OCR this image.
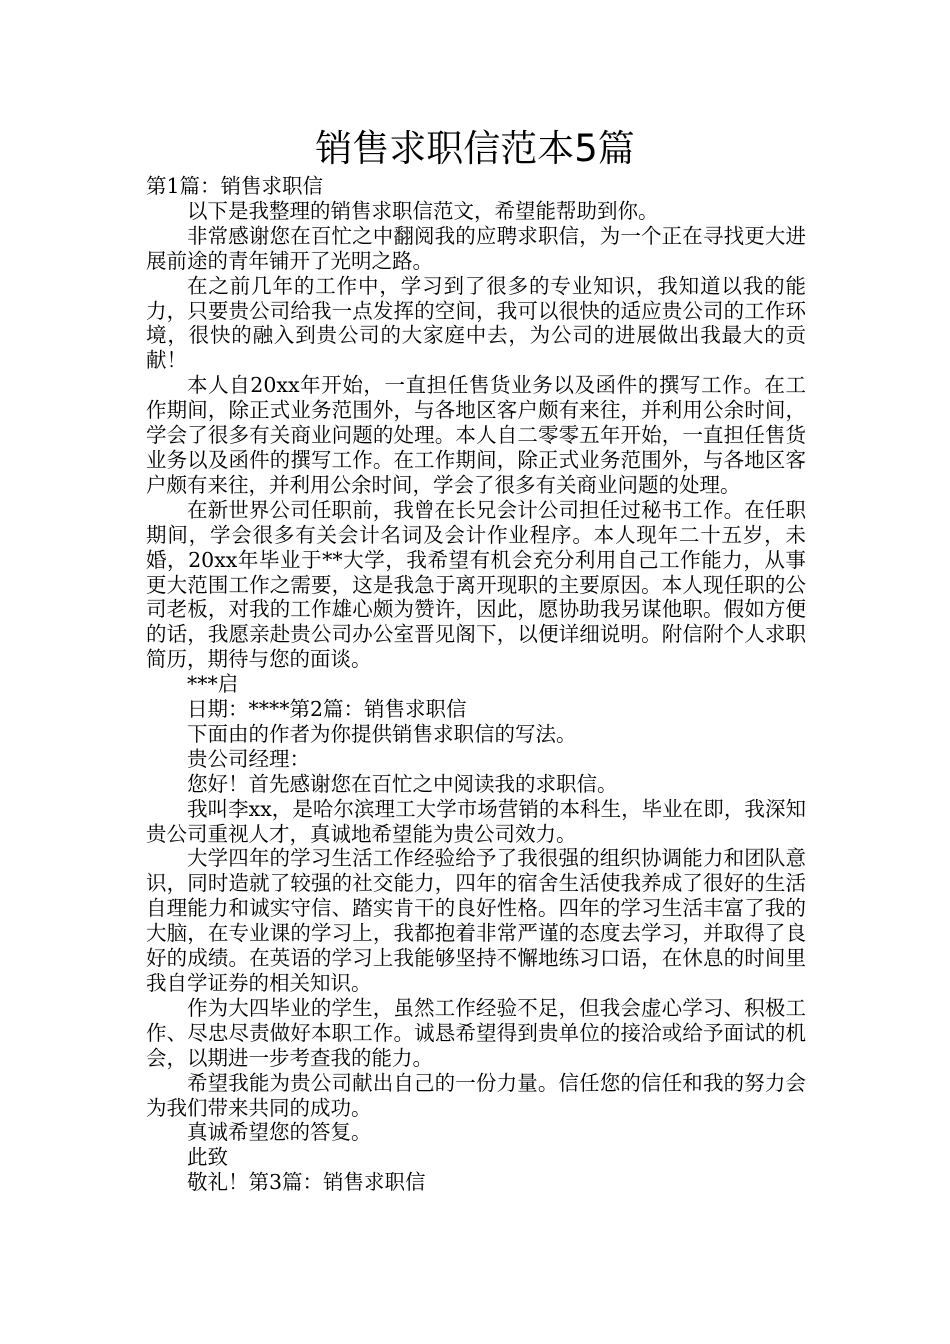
销售求职信范本5篇

第1篇：销售求职信

以下是我整理的销售求职信范文，希望能帮助到你。

非常感谢您在百忙之中翻阅我的应聘求职信，为一个正在寻找更大进展前途的青年铺开了光明之路。

在之前几年的工作中，学习到了很多的专业知识，我知道以我的能力，只要贵公司给我一点发挥的空间，我可以很快的适应贵公司的工作环境，很快的融入到贵公司的大家庭中去，为公司的进展做出我最大的贡献！

本人自20xx年开始，一直担任售货业务以及函件的撰写工作。在工作期间，除正式业务范围外，与各地区客户颇有来往，并利用公余时间，学会了很多有关商业问题的处理。本人自二零零五年开始，一直担任售货业务以及函件的撰写工作。在工作期间，除正式业务范围外，与各地区客户颇有来往，并利用公余时间，学会了很多有关商业问题的处理。

在新世界公司任职前，我曾在长兄会计公司担任过秘书工作。在任职期间，学会很多有关会计名词及会计作业程序。本人现年二十五岁，未婚，20xx年毕业于**大学，我希望有机会充分利用自己工作能力，从事更大范围工作之需要，这是我急于离开现职的主要原因。本人现任职的公司老板，对我的工作雄心颇为赞许，因此，愿协助我另谋他职。假如方便的话，我愿亲赴贵公司办公室晋见阁下，以便详细说明。附信附个人求职简历，期待与您的面谈。

***启

日期：****第2篇：销售求职信

下面由的作者为你提供销售求职信的写法。

贵公司经理：

您好！首先感谢您在百忙之中阅读我的求职信。

我叫李xx，是哈尔滨理工大学市场营销的本科生，毕业在即，我深知贵公司重视人才，真诚地希望能为贵公司效力。

大学四年的学习生活工作经验给予了我很强的组织协调能力和团队意识，同时造就了较强的社交能力，四年的宿舍生活使我养成了很好的生活自理能力和诚实守信、踏实肯干的良好性格。四年的学习生活丰富了我的大脑，在专业课的学习上，我都抱着非常严谨的态度去学习，并取得了良好的成绩。在英语的学习上我能够坚持不懈地练习口语，在休息的时间里我自学证券的相关知识。

作为大四毕业的学生，虽然工作经验不足，但我会虚心学习、积极工作、尽忠尽责做好本职工作。诚恳希望得到贵单位的接洽或给予面试的机会，以期进一步考查我的能力。

希望我能为贵公司献出自己的一份力量。信任您的信任和我的努力会为我们带来共同的成功。

真诚希望您的答复。

此致

敬礼！第3篇：销售求职信
